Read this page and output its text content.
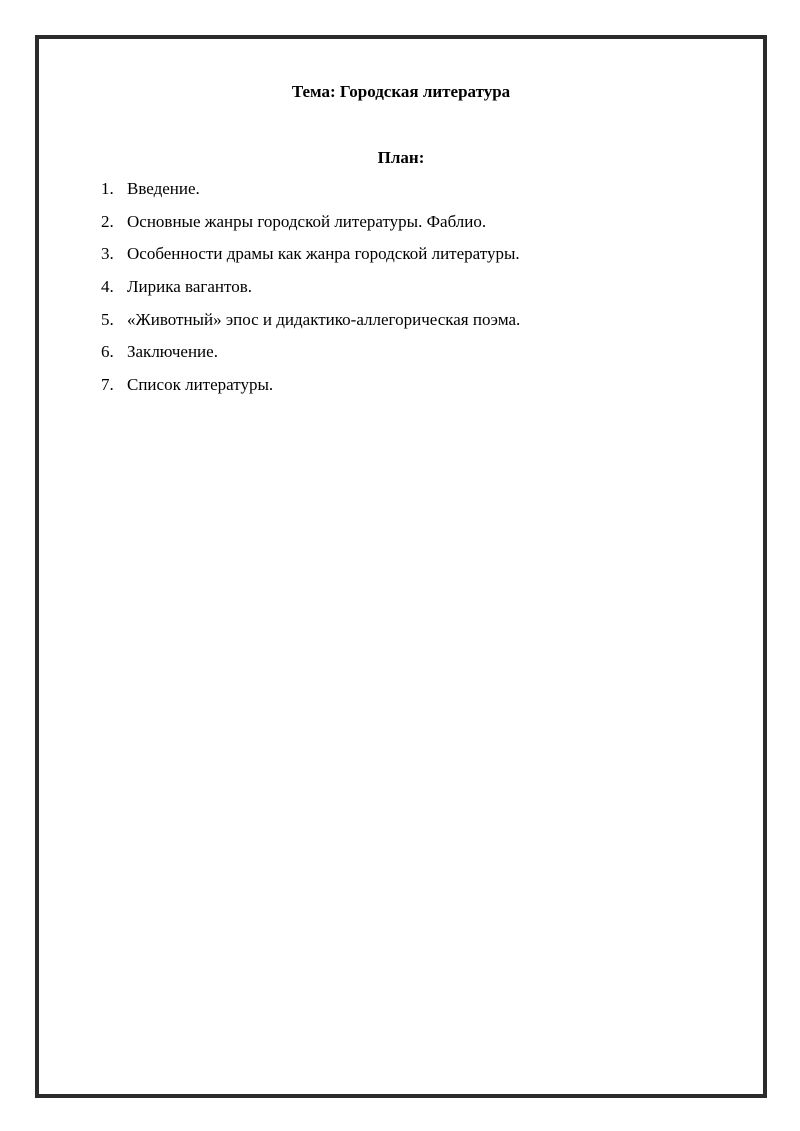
Тема: Городская литература
План:
1. Введение.
2. Основные жанры городской литературы. Фаблио.
3. Особенности драмы как жанра городской литературы.
4. Лирика вагантов.
5. «Животный» эпос и дидактико-аллегорическая поэма.
6. Заключение.
7. Список литературы.
